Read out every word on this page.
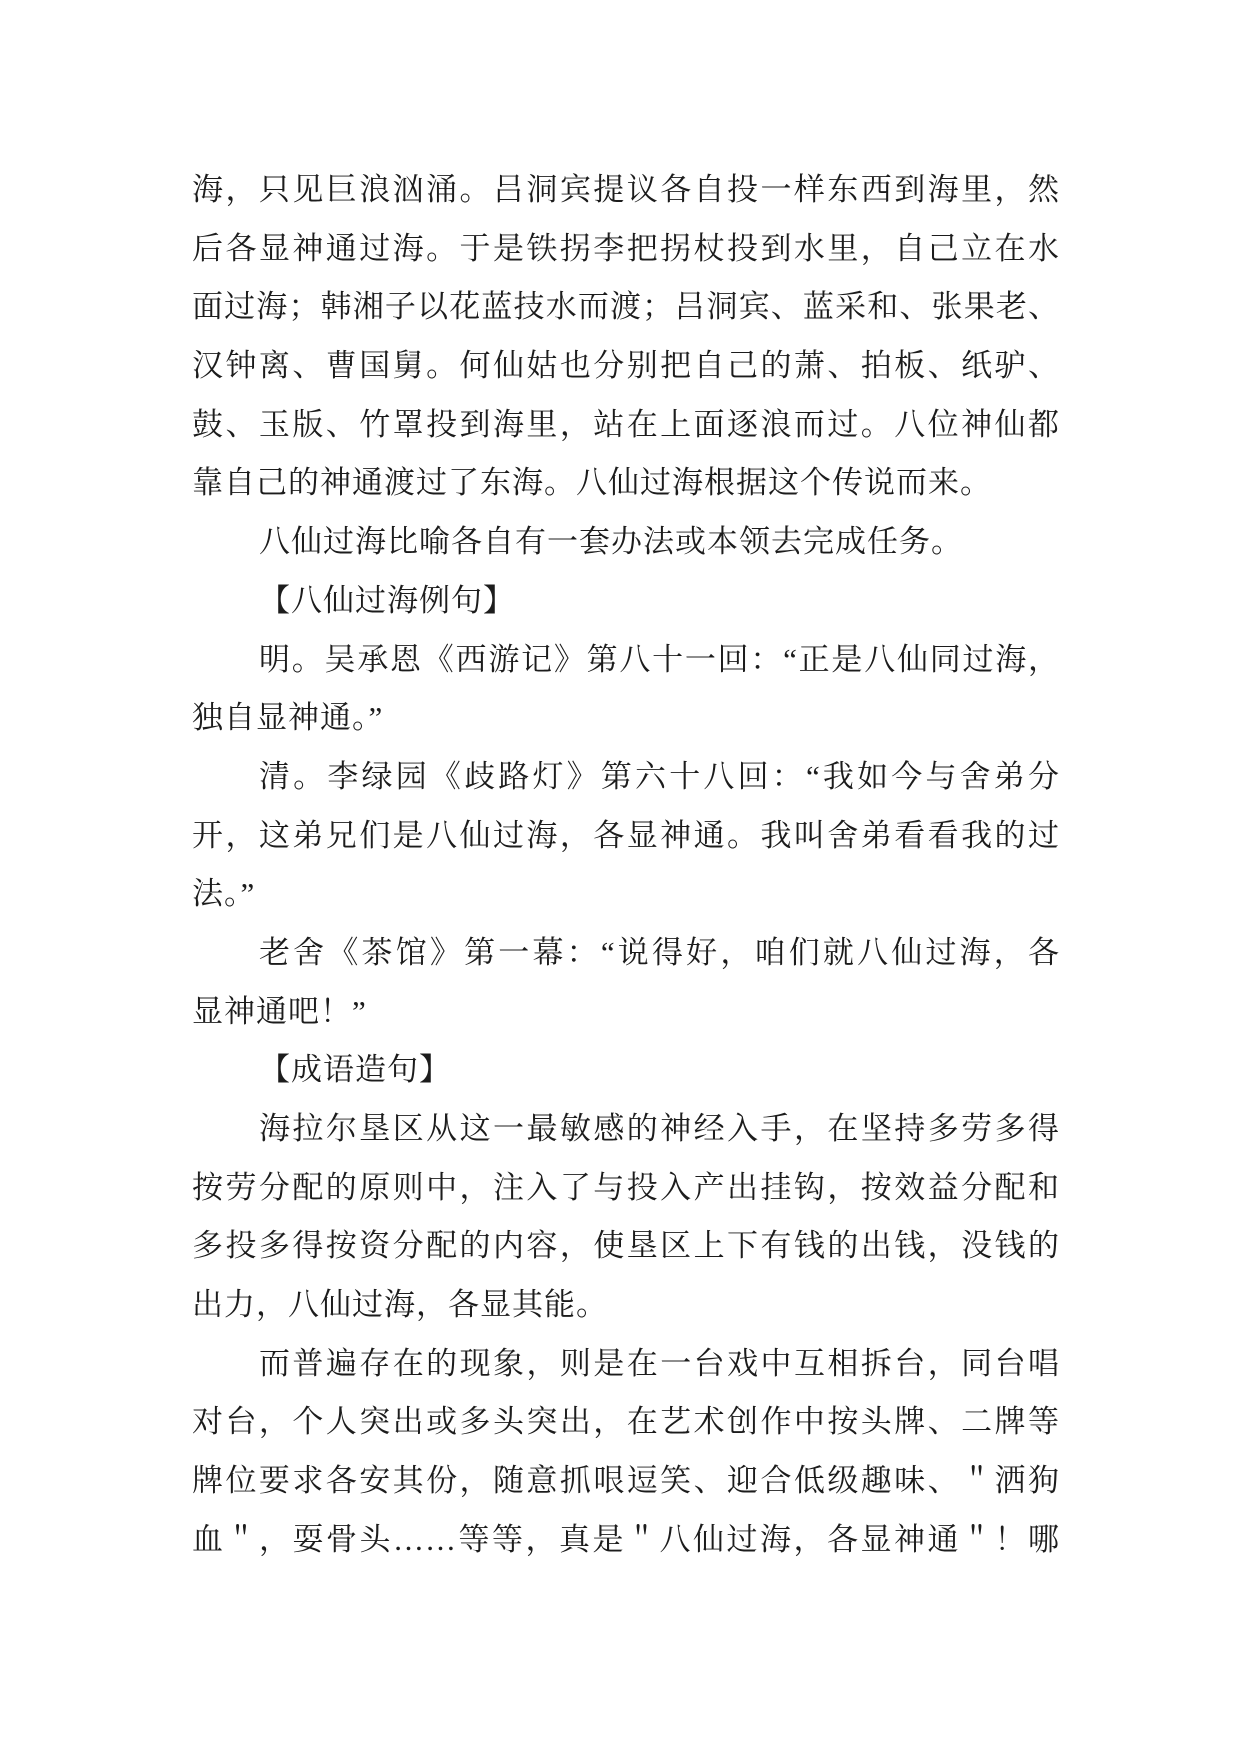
海，只见巨浪汹涌。吕洞宾提议各自投一样东西到海里，然
后各显神通过海。于是铁拐李把拐杖投到水里，自己立在水
面过海；韩湘子以花蓝技水而渡；吕洞宾、蓝采和、张果老、
汉钟离、曹国舅。何仙姑也分别把自己的萧、拍板、纸驴、
鼓、玉版、竹罩投到海里，站在上面逐浪而过。八位神仙都
靠自己的神通渡过了东海。八仙过海根据这个传说而来。
八仙过海比喻各自有一套办法或本领去完成任务。
【八仙过海例句】
明。吴承恩《西游记》第八十一回：“正是八仙同过海，
独自显神通。”
清。李绿园《歧路灯》第六十八回：“我如今与舍弟分
开，这弟兄们是八仙过海，各显神通。我叫舍弟看看我的过
法。”
老舍《茶馆》第一幕：“说得好，咱们就八仙过海，各
显神通吧！”
【成语造句】
海拉尔垦区从这一最敏感的神经入手，在坚持多劳多得
按劳分配的原则中，注入了与投入产出挂钩，按效益分配和
多投多得按资分配的内容，使垦区上下有钱的出钱，没钱的
出力，八仙过海，各显其能。
而普遍存在的现象，则是在一台戏中互相拆台，同台唱
对台，个人突出或多头突出，在艺术创作中按头牌、二牌等
牌位要求各安其份，随意抓哏逗笑、迎合低级趣味、＂洒狗
血＂，耍骨头……等等，真是＂八仙过海，各显神通＂！哪
